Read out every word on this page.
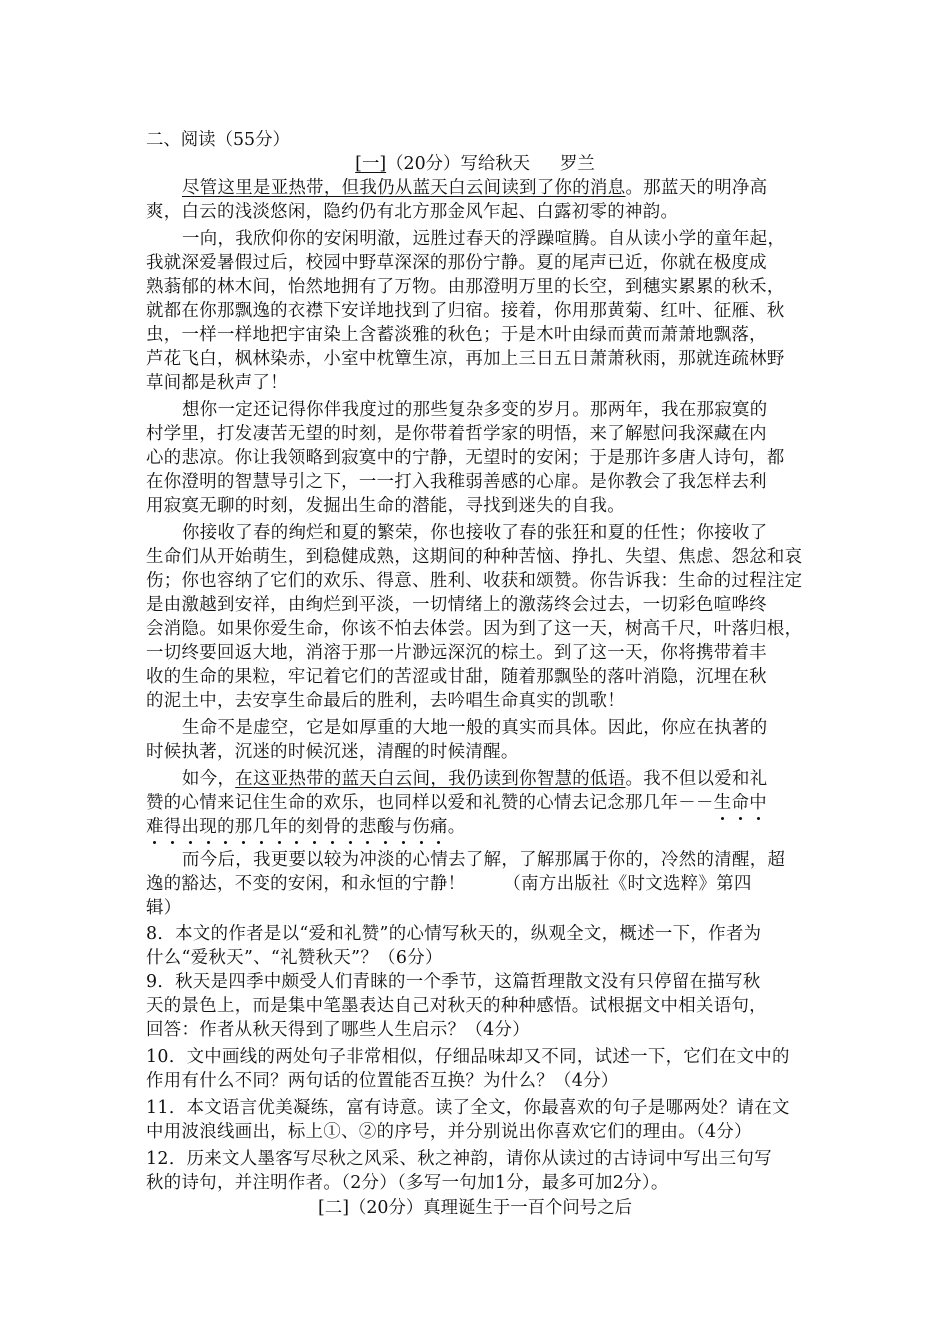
二、阅读（55分）
[一]（20分）写给秋天 罗兰
尽管这里是亚热带，但我仍从蓝天白云间读到了你的消息。那蓝天的明净高
爽，白云的浅淡悠闲，隐约仍有北方那金风乍起、白露初零的神韵。
一向，我欣仰你的安闲明澈，远胜过春天的浮躁喧腾。自从读小学的童年起，
我就深爱暑假过后，校园中野草深深的那份宁静。夏的尾声已近，你就在极度成
熟蓊郁的林木间，怡然地拥有了万物。由那澄明万里的长空，到穗实累累的秋禾，
就都在你那飘逸的衣襟下安详地找到了归宿。接着，你用那黄菊、红叶、征雁、秋
虫，一样一样地把宇宙染上含蓄淡雅的秋色；于是木叶由绿而黄而萧萧地飘落，
芦花飞白，枫林染赤，小室中枕簟生凉，再加上三日五日萧萧秋雨，那就连疏林野
草间都是秋声了！
想你一定还记得你伴我度过的那些复杂多变的岁月。那两年，我在那寂寞的
村学里，打发凄苦无望的时刻，是你带着哲学家的明悟，来了解慰问我深藏在内
心的悲凉。你让我领略到寂寞中的宁静，无望时的安闲；于是那许多唐人诗句，都
在你澄明的智慧导引之下，一一打入我稚弱善感的心扉。是你教会了我怎样去利
用寂寞无聊的时刻，发掘出生命的潜能，寻找到迷失的自我。
你接收了春的绚烂和夏的繁荣，你也接收了春的张狂和夏的任性；你接收了
生命们从开始萌生，到稳健成熟，这期间的种种苦恼、挣扎、失望、焦虑、怨忿和哀
伤；你也容纳了它们的欢乐、得意、胜利、收获和颂赞。你告诉我：生命的过程注定
是由激越到安祥，由绚烂到平淡，一切情绪上的激荡终会过去，一切彩色喧哗终
会消隐。如果你爱生命，你该不怕去体尝。因为到了这一天，树高千尺，叶落归根，
一切终要回返大地，消溶于那一片渺远深沉的棕土。到了这一天，你将携带着丰
收的生命的果粒，牢记着它们的苦涩或甘甜，随着那飘坠的落叶消隐，沉埋在秋
的泥土中，去安享生命最后的胜利，去吟唱生命真实的凯歌！
生命不是虚空，它是如厚重的大地一般的真实而具体。因此，你应在执著的
时候执著，沉迷的时候沉迷，清醒的时候清醒。
如今，在这亚热带的蓝天白云间，我仍读到你智慧的低语。我不但以爱和礼
赞的心情来记住生命的欢乐，也同样以爱和礼赞的心情去记念那几年－－生命中
难得出现的那几年的刻骨的悲酸与伤痛。
而今后，我更要以较为冲淡的心情去了解，了解那属于你的，冷然的清醒，超
逸的豁达，不变的安闲，和永恒的宁静！ （南方出版社《时文选粹》第四
辑）
8．本文的作者是以“爱和礼赞”的心情写秋天的，纵观全文，概述一下，作者为
什么“爱秋天”、“礼赞秋天”？（6分）
9．秋天是四季中颇受人们青睐的一个季节，这篇哲理散文没有只停留在描写秋
天的景色上，而是集中笔墨表达自己对秋天的种种感悟。试根据文中相关语句，
回答：作者从秋天得到了哪些人生启示？（4分）
10．文中画线的两处句子非常相似，仔细品味却又不同，试述一下，它们在文中的
作用有什么不同？两句话的位置能否互换？为什么？（4分）
11．本文语言优美凝练，富有诗意。读了全文，你最喜欢的句子是哪两处？请在文
中用波浪线画出，标上①、②的序号，并分别说出你喜欢它们的理由。（4分）
12．历来文人墨客写尽秋之风采、秋之神韵，请你从读过的古诗词中写出三句写
秋的诗句，并注明作者。（2分）（多写一句加1分，最多可加2分）。
[二]（20分）真理诞生于一百个问号之后
